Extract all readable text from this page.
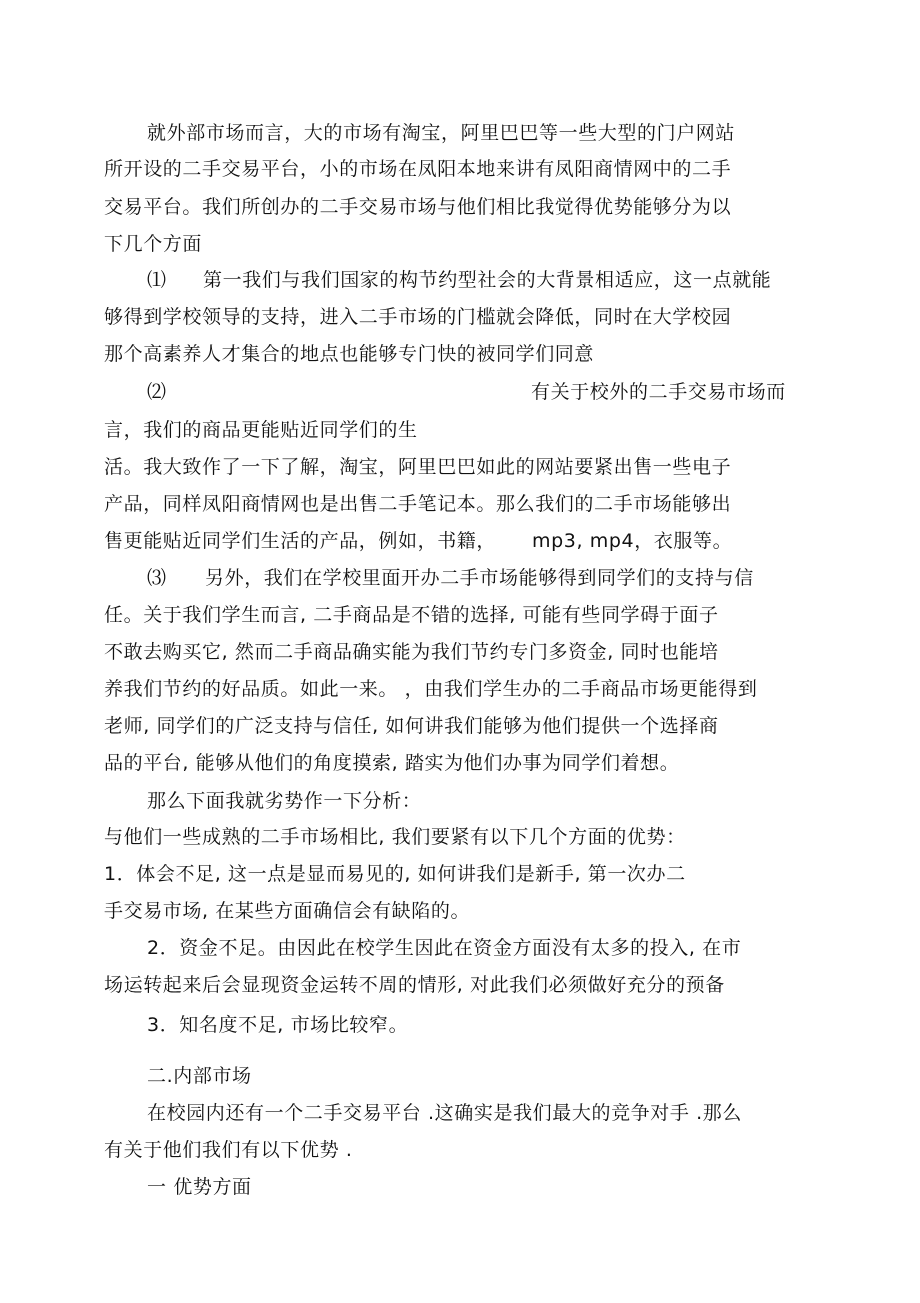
就外部市场而言，大的市场有淘宝，阿里巴巴等一些大型的门户网站
所开设的二手交易平台，小的市场在凤阳本地来讲有凤阳商情网中的二手
交易平台。我们所创办的二手交易市场与他们相比我觉得优势能够分为以
下几个方面
⑴ 第一我们与我们国家的构节约型社会的大背景相适应，这一点就能
够得到学校领导的支持，进入二手市场的门槛就会降低，同时在大学校园
那个高素养人才集合的地点也能够专门快的被同学们同意
⑵	有关于校外的二手交易市场而
言，我们的商品更能贴近同学们的生
活。我大致作了一下了解，淘宝，阿里巴巴如此的网站要紧出售一些电子
产品，同样凤阳商情网也是出售二手笔记本。那么我们的二手市场能够出
售更能贴近同学们生活的产品，例如，书籍， mp3, mp4，衣服等。
⑶ 另外，我们在学校里面开办二手市场能够得到同学们的支持与信
任。关于我们学生而言, 二手商品是不错的选择, 可能有些同学碍于面子
不敢去购买它, 然而二手商品确实能为我们节约专门多资金, 同时也能培
养我们节约的好品质。如此一来。 ，由我们学生办的二手商品市场更能得到
老师, 同学们的广泛支持与信任, 如何讲我们能够为他们提供一个选择商
品的平台, 能够从他们的角度摸索, 踏实为他们办事为同学们着想。
那么下面我就劣势作一下分析：
与他们一些成熟的二手市场相比, 我们要紧有以下几个方面的优势：
1．体会不足, 这一点是显而易见的, 如何讲我们是新手, 第一次办二
手交易市场, 在某些方面确信会有缺陷的。
2．资金不足。由因此在校学生因此在资金方面没有太多的投入, 在市
场运转起来后会显现资金运转不周的情形, 对此我们必须做好充分的预备
3．知名度不足, 市场比较窄。
二.内部市场
在校园内还有一个二手交易平台 .这确实是我们最大的竞争对手 .那么
有关于他们我们有以下优势 .
一 优势方面
